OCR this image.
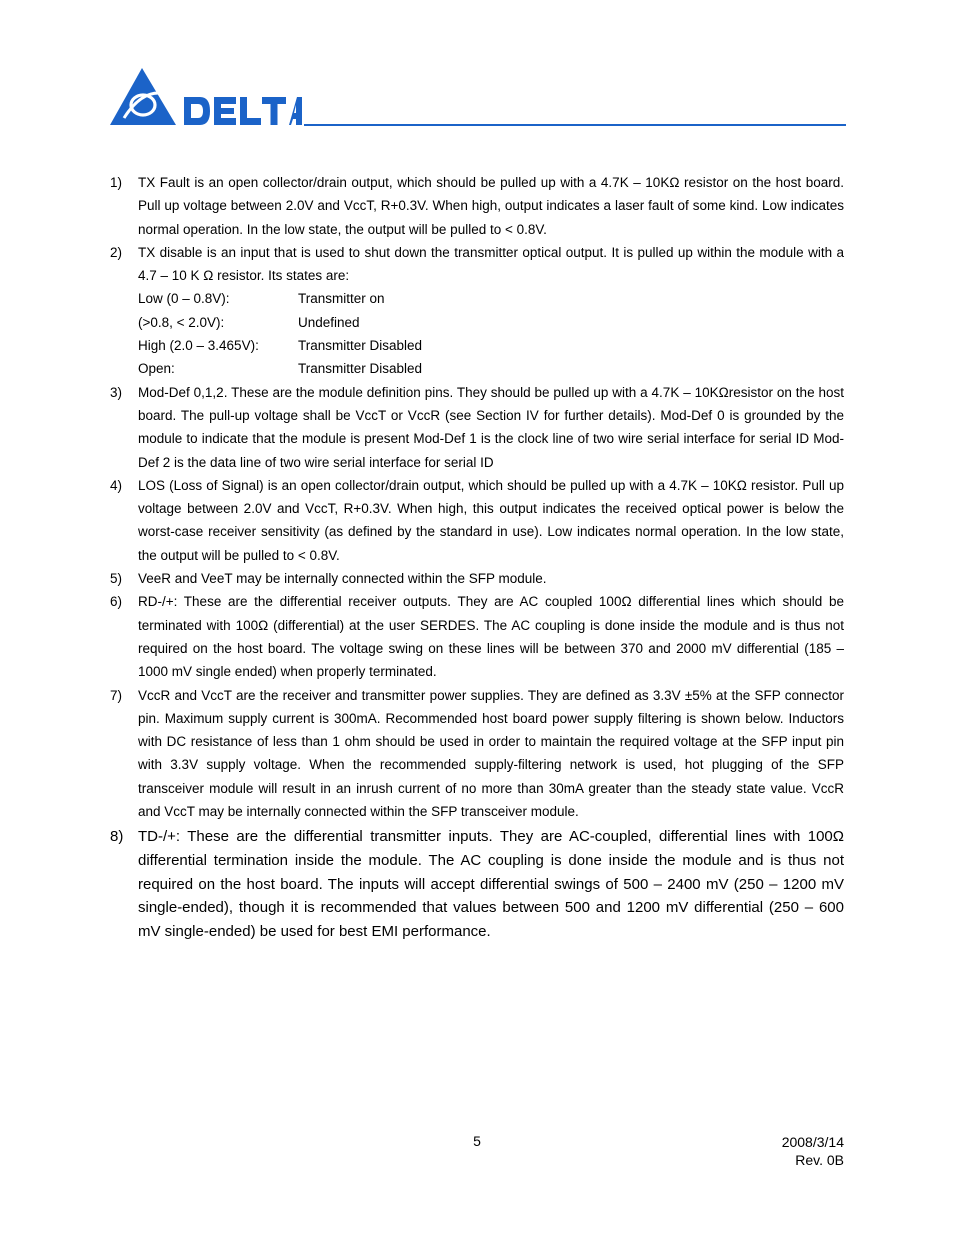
1) TX Fault is an open collector/drain output, which should be pulled up with a 4.7K – 10KΩ resistor on the host board. Pull up voltage between 2.0V and VccT, R+0.3V. When high, output indicates a laser fault of some kind. Low indicates normal operation. In the low state, the output will be pulled to < 0.8V.
2) TX disable is an input that is used to shut down the transmitter optical output. It is pulled up within the module with a 4.7 – 10 K Ω resistor. Its states are:
Low (0 – 0.8V):	Transmitter on
(>0.8, < 2.0V):	Undefined
High (2.0 – 3.465V):	Transmitter Disabled
Open:	Transmitter Disabled
3) Mod-Def 0,1,2. These are the module definition pins. They should be pulled up with a 4.7K – 10KΩresistor on the host board. The pull-up voltage shall be VccT or VccR (see Section IV for further details). Mod-Def 0 is grounded by the module to indicate that the module is present Mod-Def 1 is the clock line of two wire serial interface for serial ID Mod-Def 2 is the data line of two wire serial interface for serial ID
4) LOS (Loss of Signal) is an open collector/drain output, which should be pulled up with a 4.7K – 10KΩ resistor. Pull up voltage between 2.0V and VccT, R+0.3V. When high, this output indicates the received optical power is below the worst-case receiver sensitivity (as defined by the standard in use). Low indicates normal operation. In the low state, the output will be pulled to < 0.8V.
5) VeeR and VeeT may be internally connected within the SFP module.
6) RD-/+: These are the differential receiver outputs. They are AC coupled 100Ω differential lines which should be terminated with 100Ω (differential) at the user SERDES. The AC coupling is done inside the module and is thus not required on the host board. The voltage swing on these lines will be between 370 and 2000 mV differential (185 – 1000 mV single ended) when properly terminated.
7) VccR and VccT are the receiver and transmitter power supplies. They are defined as 3.3V ±5% at the SFP connector pin. Maximum supply current is 300mA. Recommended host board power supply filtering is shown below. Inductors with DC resistance of less than 1 ohm should be used in order to maintain the required voltage at the SFP input pin with 3.3V supply voltage. When the recommended supply-filtering network is used, hot plugging of the SFP transceiver module will result in an inrush current of no more than 30mA greater than the steady state value. VccR and VccT may be internally connected within the SFP transceiver module.
8) TD-/+: These are the differential transmitter inputs. They are AC-coupled, differential lines with 100Ω differential termination inside the module. The AC coupling is done inside the module and is thus not required on the host board. The inputs will accept differential swings of 500 – 2400 mV (250 – 1200 mV single-ended), though it is recommended that values between 500 and 1200 mV differential (250 – 600 mV single-ended) be used for best EMI performance.
5	2008/3/14
Rev. 0B
